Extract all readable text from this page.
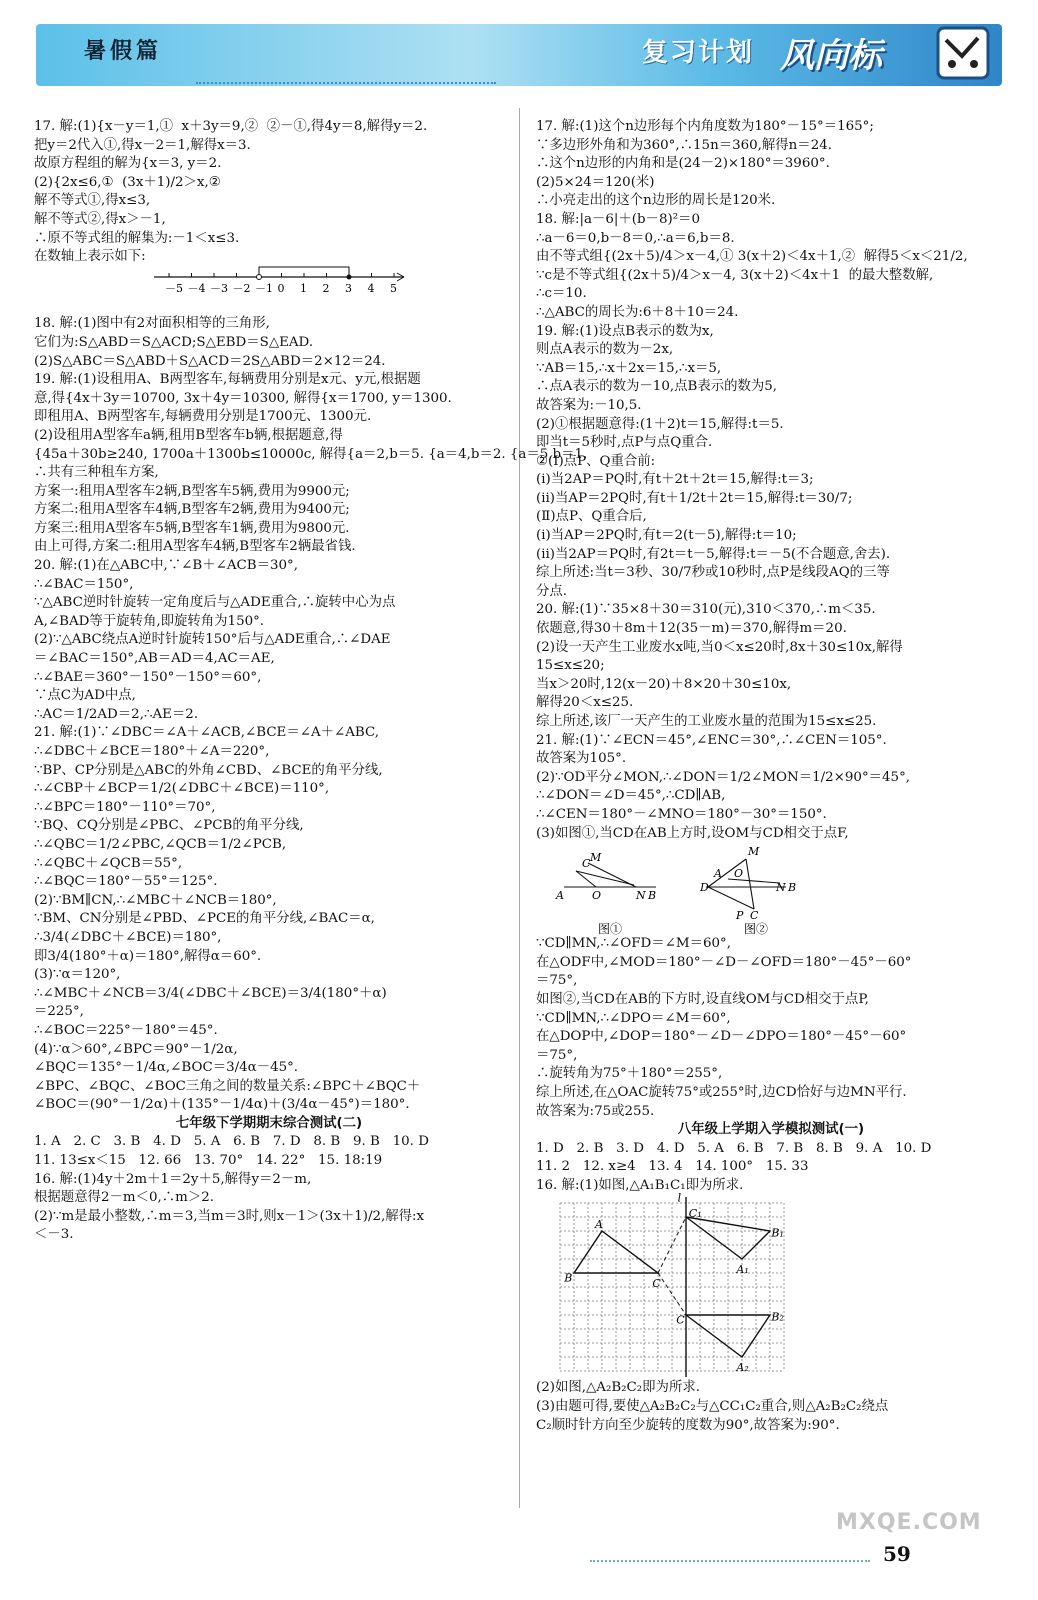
暑假篇	复习计划 风向标
17. 解:(1){x－y＝1,①  x＋3y＝9,②  ②－①,得4y＝8,解得y＝2.
把y＝2代入①,得x－2＝1,解得x＝3.
故原方程组的解为{x＝3, y＝2.
(2){2x≤6,①  (3x＋1)/2＞x,②
解不等式①,得x≤3,
解不等式②,得x＞－1,
∴原不等式组的解集为:－1＜x≤3.
在数轴上表示如下:
－5 －4 －3 －2 －1 0 1 2 3 4 5
18. 解:(1)图中有2对面积相等的三角形,
它们为:S△ABD＝S△ACD;S△EBD＝S△EAD.
(2)S△ABC＝S△ABD＋S△ACD＝2S△ABD＝2×12＝24.
19. 解:(1)设租用A、B两型客车,每辆费用分别是x元、y元,根据题
意,得{4x＋3y＝10700, 3x＋4y＝10300, 解得{x＝1700, y＝1300.
即租用A、B两型客车,每辆费用分别是1700元、1300元.
(2)设租用A型客车a辆,租用B型客车b辆,根据题意,得
{45a＋30b≥240, 1700a＋1300b≤10000c, 解得{a＝2,b＝5. {a＝4,b＝2. {a＝5,b＝1.
∴共有三种租车方案,
方案一:租用A型客车2辆,B型客车5辆,费用为9900元;
方案二:租用A型客车4辆,B型客车2辆,费用为9400元;
方案三:租用A型客车5辆,B型客车1辆,费用为9800元.
由上可得,方案二:租用A型客车4辆,B型客车2辆最省钱.
20. 解:(1)在△ABC中,∵∠B＋∠ACB＝30°,
∴∠BAC＝150°,
∵△ABC逆时针旋转一定角度后与△ADE重合,∴旋转中心为点
A,∠BAD等于旋转角,即旋转角为150°.
(2)∵△ABC绕点A逆时针旋转150°后与△ADE重合,∴∠DAE
＝∠BAC＝150°,AB＝AD＝4,AC＝AE,
∴∠BAE＝360°－150°－150°＝60°,
∵点C为AD中点,
∴AC＝1/2AD＝2,∴AE＝2.
21. 解:(1)∵∠DBC＝∠A＋∠ACB,∠BCE＝∠A＋∠ABC,
∴∠DBC＋∠BCE＝180°＋∠A＝220°,
∵BP、CP分别是△ABC的外角∠CBD、∠BCE的角平分线,
∴∠CBP＋∠BCP＝1/2(∠DBC＋∠BCE)＝110°,
∴∠BPC＝180°－110°＝70°,
∵BQ、CQ分别是∠PBC、∠PCB的角平分线,
∴∠QBC＝1/2∠PBC,∠QCB＝1/2∠PCB,
∴∠QBC＋∠QCB＝55°,
∴∠BQC＝180°－55°＝125°.
(2)∵BM∥CN,∴∠MBC＋∠NCB＝180°,
∵BM、CN分别是∠PBD、∠PCE的角平分线,∠BAC＝α,
∴3/4(∠DBC＋∠BCE)＝180°,
即3/4(180°＋α)＝180°,解得α＝60°.
(3)∵α＝120°,
∴∠MBC＋∠NCB＝3/4(∠DBC＋∠BCE)＝3/4(180°＋α)
＝225°,
∴∠BOC＝225°－180°＝45°.
(4)∵α＞60°,∠BPC＝90°－1/2α,
∠BQC＝135°－1/4α,∠BOC＝3/4α－45°.
∠BPC、∠BQC、∠BOC三角之间的数量关系:∠BPC＋∠BQC＋
∠BOC＝(90°－1/2α)＋(135°－1/4α)＋(3/4α－45°)＝180°.
七年级下学期期末综合测试(二)
1. A   2. C   3. B   4. D   5. A   6. B   7. D   8. B   9. B   10. D
11. 13≤x＜15   12. 66   13. 70°   14. 22°   15. 18:19
16. 解:(1)4y＋2m＋1＝2y＋5,解得y＝2－m,
根据题意得2－m＜0,∴m＞2.
(2)∵m是最小整数,∴m＝3,当m＝3时,则x－1＞(3x＋1)/2,解得:x
＜－3.
17. 解:(1)这个n边形每个内角度数为180°－15°＝165°;
∵多边形外角和为360°,∴15n＝360,解得n＝24.
∴这个n边形的内角和是(24－2)×180°＝3960°.
(2)5×24＝120(米)
∴小亮走出的这个n边形的周长是120米.
18. 解:|a－6|＋(b－8)²＝0
∴a－6＝0,b－8＝0,∴a＝6,b＝8.
由不等式组{(2x＋5)/4＞x－4,① 3(x＋2)＜4x＋1,②  解得5＜x＜21/2,
∵c是不等式组{(2x＋5)/4＞x－4, 3(x＋2)＜4x＋1  的最大整数解,
∴c＝10.
∴△ABC的周长为:6＋8＋10＝24.
19. 解:(1)设点B表示的数为x,
则点A表示的数为－2x,
∵AB＝15,∴x＋2x＝15,∴x＝5,
∴点A表示的数为－10,点B表示的数为5,
故答案为:－10,5.
(2)①根据题意得:(1＋2)t＝15,解得:t＝5.
即当t＝5秒时,点P与点Q重合.
②(Ⅰ)点P、Q重合前:
(ⅰ)当2AP＝PQ时,有t＋2t＋2t＝15,解得:t＝3;
(ⅱ)当AP＝2PQ时,有t＋1/2t＋2t＝15,解得:t＝30/7;
(Ⅱ)点P、Q重合后,
(ⅰ)当AP＝2PQ时,有t＝2(t－5),解得:t＝10;
(ⅱ)当2AP＝PQ时,有2t＝t－5,解得:t＝－5(不合题意,舍去).
综上所述:当t＝3秒、30/7秒或10秒时,点P是线段AQ的三等
分点.
20. 解:(1)∵35×8＋30＝310(元),310＜370,∴m＜35.
依题意,得30＋8m＋12(35－m)＝370,解得m＝20.
(2)设一天产生工业废水x吨,当0＜x≤20时,8x＋30≤10x,解得
15≤x≤20;
当x＞20时,12(x－20)＋8×20＋30≤10x,
解得20＜x≤25.
综上所述,该厂一天产生的工业废水量的范围为15≤x≤25.
21. 解:(1)∵∠ECN＝45°,∠ENC＝30°,∴∠CEN＝105°.
故答案为105°.
(2)∵OD平分∠MON,∴∠DON＝1/2∠MON＝1/2×90°＝45°,
∴∠DON＝∠D＝45°,∴CD∥AB,
∴∠CEN＝180°－∠MNO＝180°－30°＝150°.
(3)如图①,当CD在AB上方时,设OM与CD相交于点F,
A	O	N B
C M
A O
D	N B
M
C
P
图①	图②
∵CD∥MN,∴∠OFD＝∠M＝60°,
在△ODF中,∠MOD＝180°－∠D－∠OFD＝180°－45°－60°
＝75°,
如图②,当CD在AB的下方时,设直线OM与CD相交于点P,
∵CD∥MN,∴∠DPO＝∠M＝60°,
在△DOP中,∠DOP＝180°－∠D－∠DPO＝180°－45°－60°
＝75°,
∴旋转角为75°＋180°＝255°,
综上所述,在△OAC旋转75°或255°时,边CD恰好与边MN平行.
故答案为:75或255.
八年级上学期入学模拟测试(一)
1. D   2. B   3. D   4. D   5. A   6. B   7. B   8. B   9. A   10. D
11. 2   12. x≥4   13. 4   14. 100°   15. 33
16. 解:(1)如图,△A₁B₁C₁即为所求.
A
B	C
l
C₁
A₁
B₁
C
A₂
B₂
(2)如图,△A₂B₂C₂即为所求.
(3)由题可得,要使△A₂B₂C₂与△CC₁C₂重合,则△A₂B₂C₂绕点
C₂顺时针方向至少旋转的度数为90°,故答案为:90°.
59
MXQE.COM
